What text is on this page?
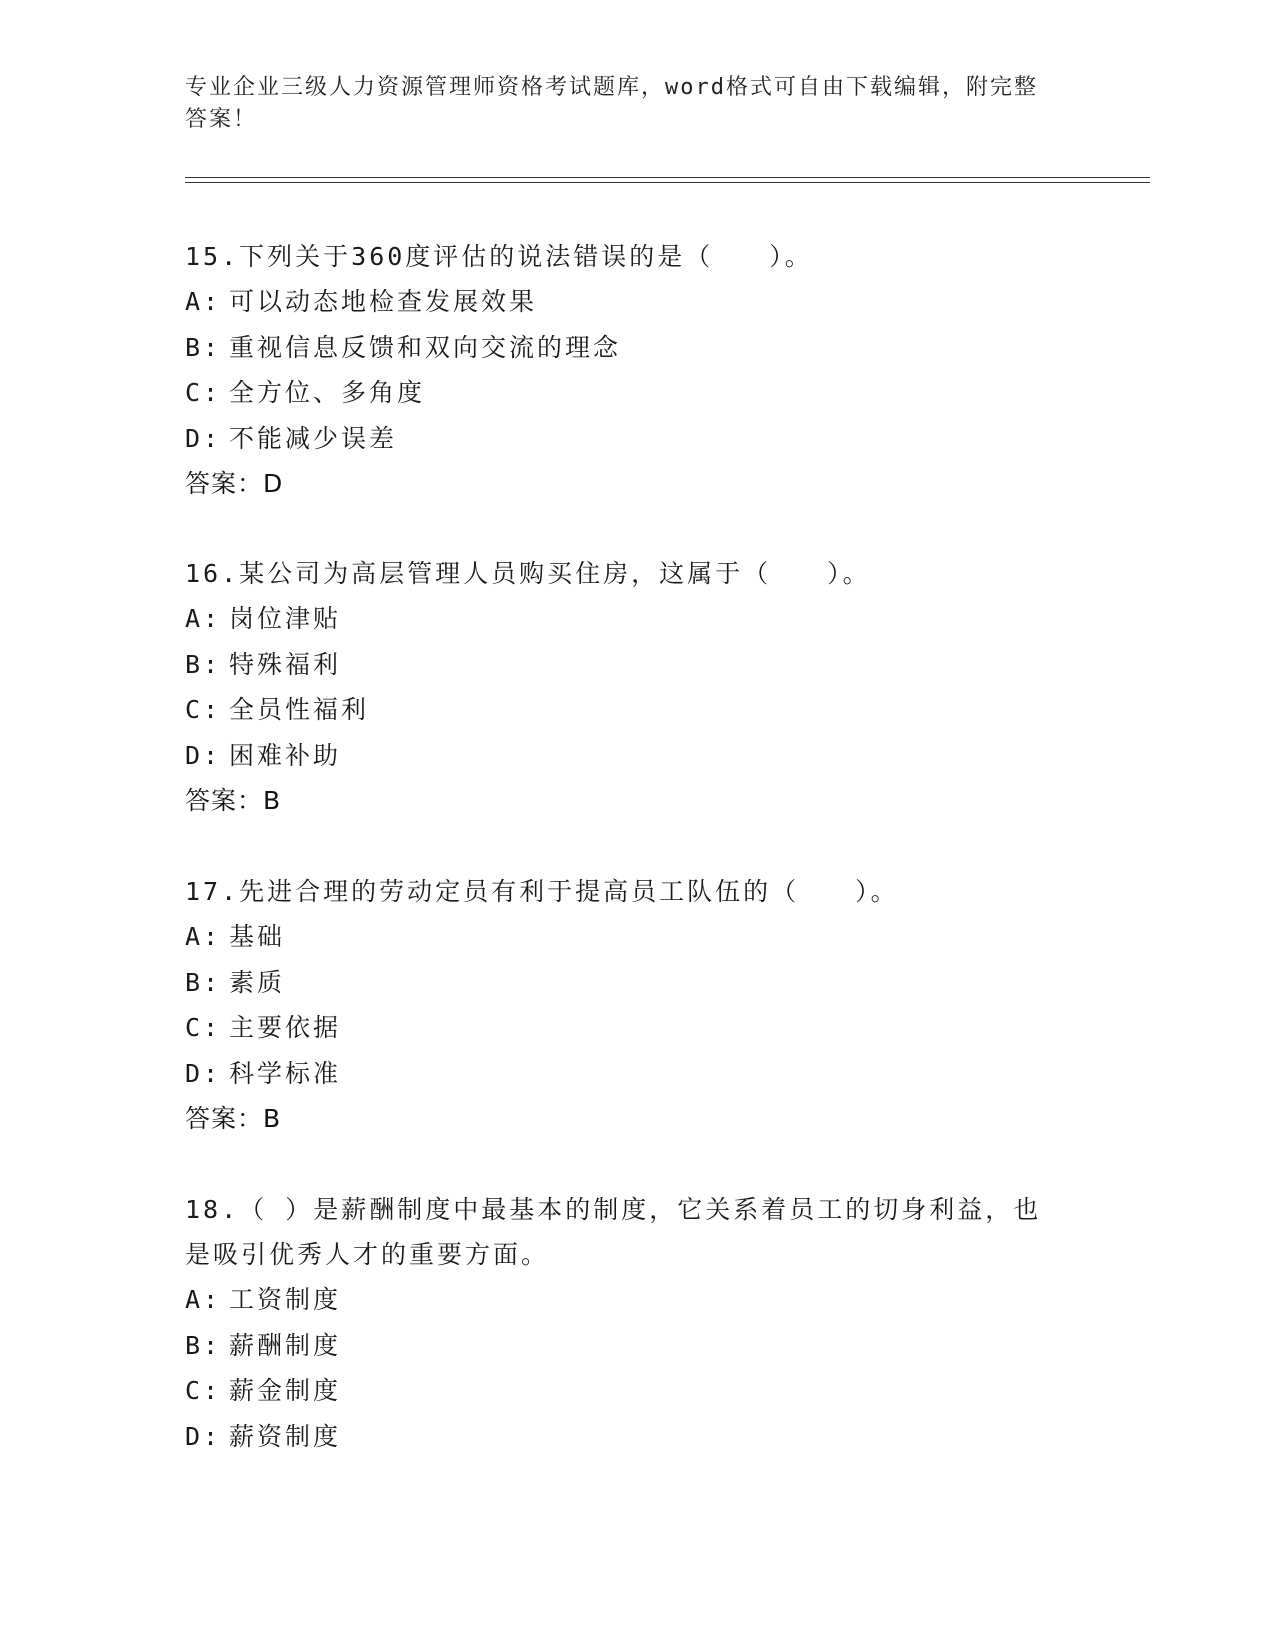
专业企业三级人力资源管理师资格考试题库，word格式可自由下载编辑，附完整
答案！
15.下列关于360度评估的说法错误的是（　　）。
A: 可以动态地检查发展效果
B: 重视信息反馈和双向交流的理念
C: 全方位、多角度
D: 不能减少误差
答案：D
16.某公司为高层管理人员购买住房，这属于（　　）。
A: 岗位津贴
B: 特殊福利
C: 全员性福利
D: 困难补助
答案：B
17.先进合理的劳动定员有利于提高员工队伍的（　　）。
A: 基础
B: 素质
C: 主要依据
D: 科学标准
答案：B
18.（ ）是薪酬制度中最基本的制度，它关系着员工的切身利益，也
是吸引优秀人才的重要方面。
A: 工资制度
B: 薪酬制度
C: 薪金制度
D: 薪资制度
